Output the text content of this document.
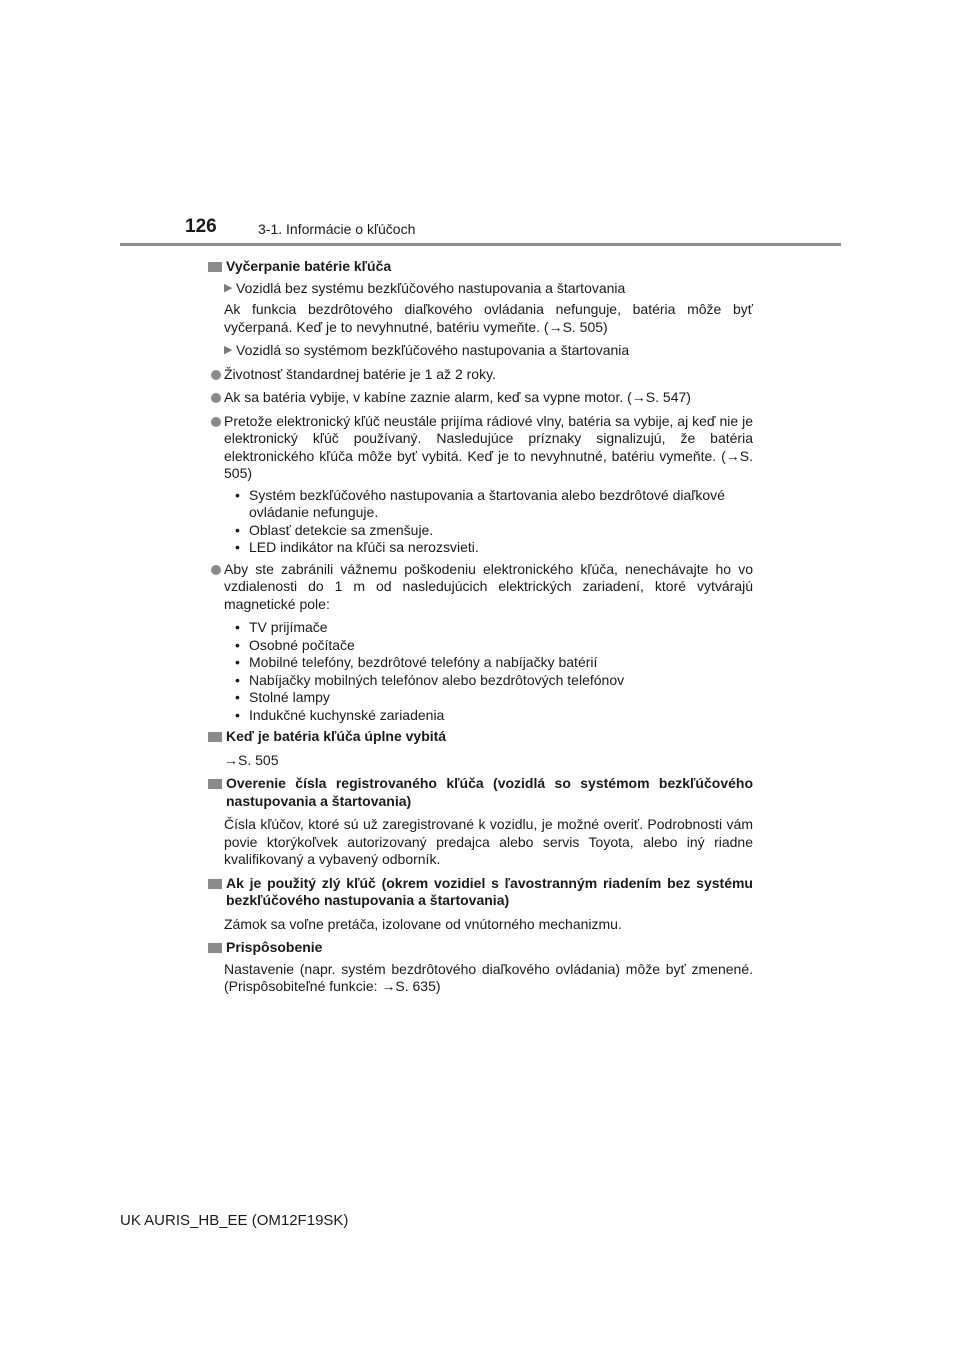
126	3-1. Informácie o kľúčoch
Vyčerpanie batérie kľúča
▶ Vozidlá bez systému bezkľúčového nastupovania a štartovania
Ak funkcia bezdrôtového diaľkového ovládania nefunguje, batéria môže byť vyčerpaná. Keď je to nevyhnutné, batériu vymeňte. (→S. 505)
▶ Vozidlá so systémom bezkľúčového nastupovania a štartovania
Životnosť štandardnej batérie je 1 až 2 roky.
Ak sa batéria vybije, v kabíne zaznie alarm, keď sa vypne motor. (→S. 547)
Pretože elektronický kľúč neustále prijíma rádiové vlny, batéria sa vybije, aj keď nie je elektronický kľúč používaný. Nasledujúce príznaky signalizujú, že batéria elektronického kľúča môže byť vybitá. Keď je to nevyhnutné, batériu vymeňte. (→S. 505)
• Systém bezkľúčového nastupovania a štartovania alebo bezdrôtové diaľkové ovládanie nefunguje.
• Oblasť detekcie sa zmenšuje.
• LED indikátor na kľúči sa nerozsvieti.
Aby ste zabránili vážnemu poškodeniu elektronického kľúča, nenechávajte ho vo vzdialenosti do 1 m od nasledujúcich elektrických zariadení, ktoré vytvárajú magnetické pole:
• TV prijímače
• Osobné počítače
• Mobilné telefóny, bezdrôtové telefóny a nabíjačky batérií
• Nabíjačky mobilných telefónov alebo bezdrôtových telefónov
• Stolné lampy
• Indukčné kuchynské zariadenia
Keď je batéria kľúča úplne vybitá
→S. 505
Overenie čísla registrovaného kľúča (vozidlá so systémom bezkľúčového nastupovania a štartovania)
Čísla kľúčov, ktoré sú už zaregistrované k vozidlu, je možné overiť. Podrobnosti vám povie ktorýkoľvek autorizovaný predajca alebo servis Toyota, alebo iný riadne kvalifikovaný a vybavený odborník.
Ak je použitý zlý kľúč (okrem vozidiel s ľavostranným riadením bez systému bezkľúčového nastupovania a štartovania)
Zámok sa voľne pretáča, izolovane od vnútorného mechanizmu.
Prispôsobenie
Nastavenie (napr. systém bezdrôtového diaľkového ovládania) môže byť zmenené. (Prispôsobiteľné funkcie: →S. 635)
UK AURIS_HB_EE (OM12F19SK)
